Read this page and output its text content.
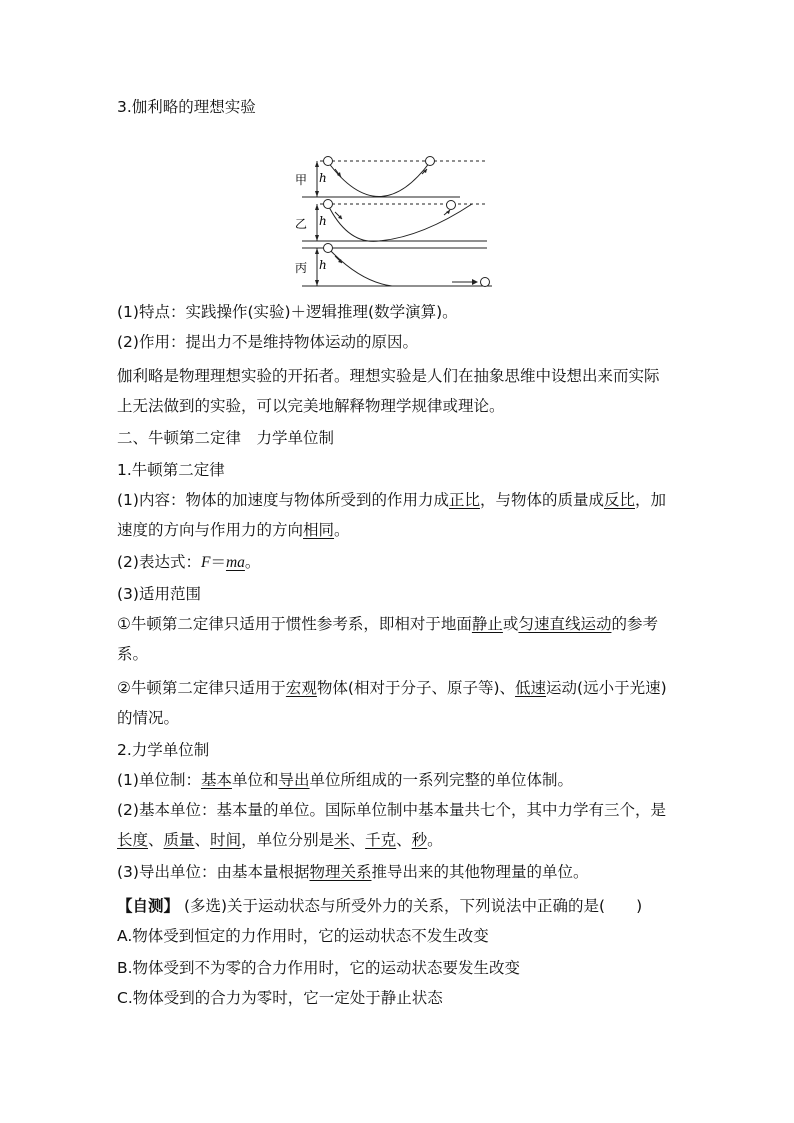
3.伽利略的理想实验
甲
乙
丙
h
h
h
(1)特点：实践操作(实验)＋逻辑推理(数学演算)。
(2)作用：提出力不是维持物体运动的原因。
伽利略是物理理想实验的开拓者。理想实验是人们在抽象思维中设想出来而实际
上无法做到的实验，可以完美地解释物理学规律或理论。
二、牛顿第二定律　力学单位制
1.牛顿第二定律
(1)内容：物体的加速度与物体所受到的作用力成正比，与物体的质量成反比，加
速度的方向与作用力的方向相同。
(2)表达式：F＝ma。
(3)适用范围
①牛顿第二定律只适用于惯性参考系，即相对于地面静止或匀速直线运动的参考
系。
②牛顿第二定律只适用于宏观物体(相对于分子、原子等)、低速运动(远小于光速)
的情况。
2.力学单位制
(1)单位制：基本单位和导出单位所组成的一系列完整的单位体制。
(2)基本单位：基本量的单位。国际单位制中基本量共七个，其中力学有三个，是
长度、质量、时间，单位分别是米、千克、秒。
(3)导出单位：由基本量根据物理关系推导出来的其他物理量的单位。
【自测】 (多选)关于运动状态与所受外力的关系，下列说法中正确的是(　　)
A.物体受到恒定的力作用时，它的运动状态不发生改变
B.物体受到不为零的合力作用时，它的运动状态要发生改变
C.物体受到的合力为零时，它一定处于静止状态
